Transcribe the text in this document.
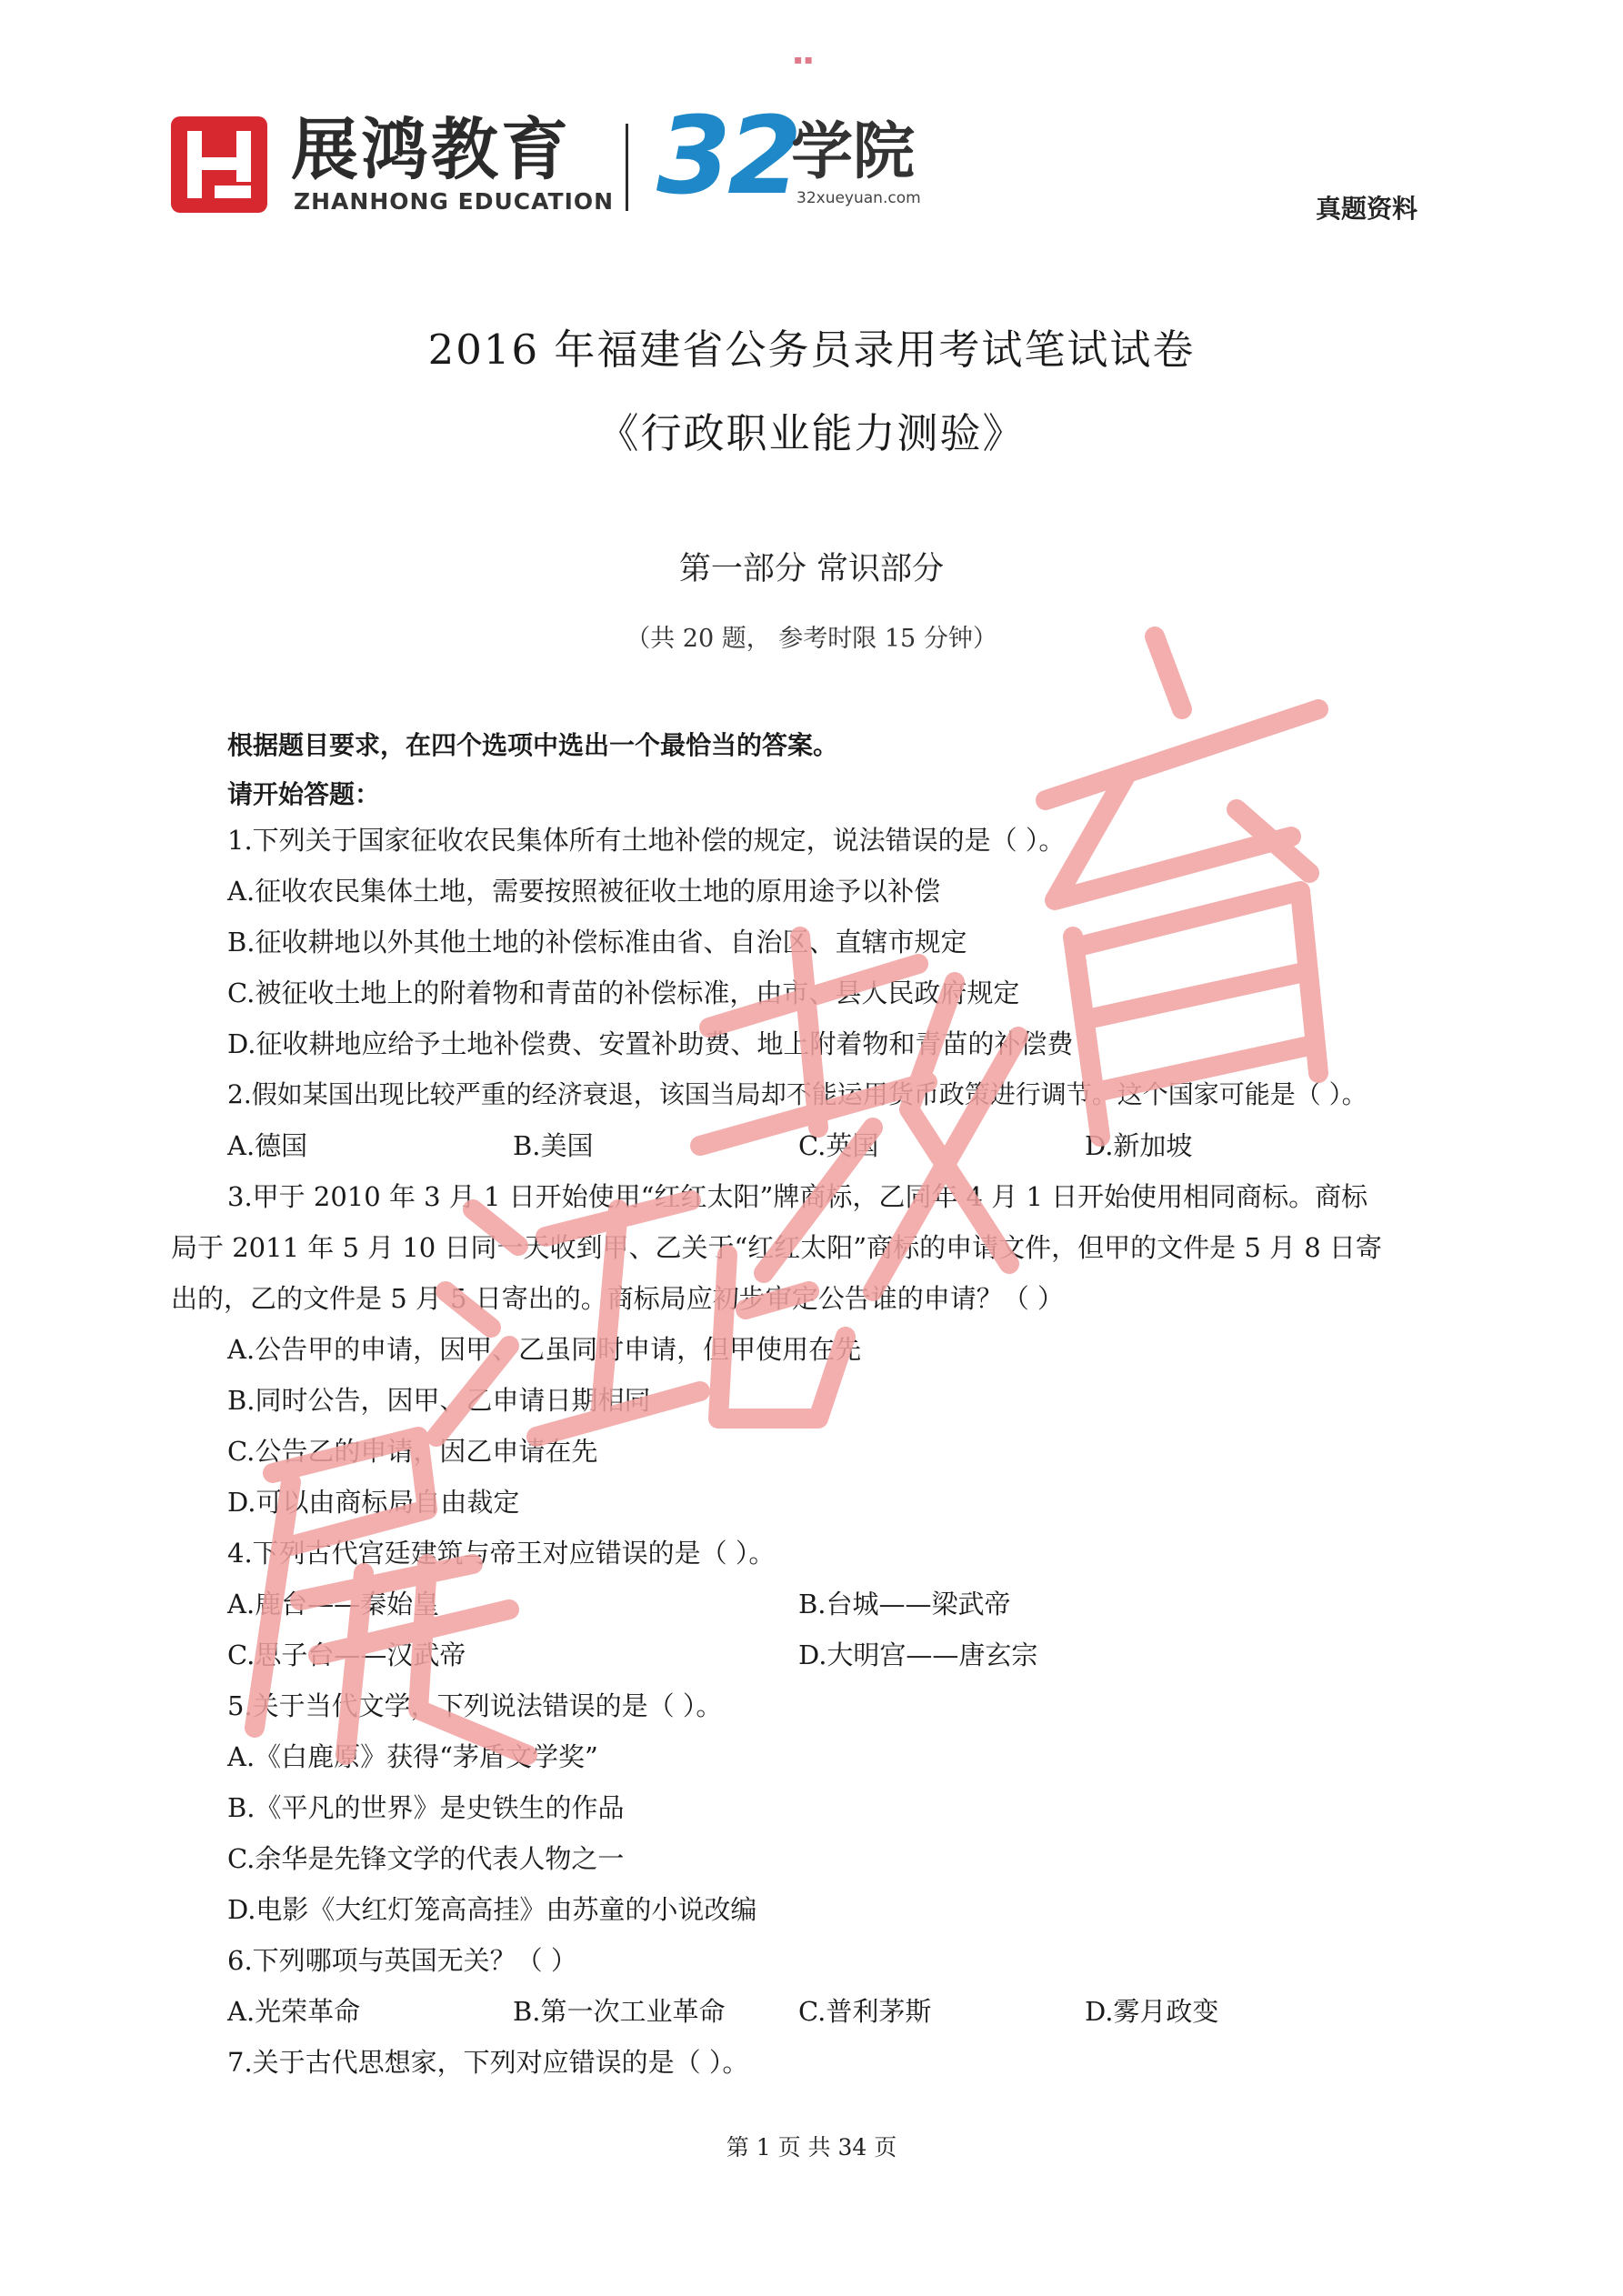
▪▪
展鸿教育
ZHANHONG EDUCATION 32
学院
32xueyuan.com	真题资料
2016 年福建省公务员录用考试笔试试卷
《行政职业能力测验》
第一部分 常识部分
（共 20 题， 参考时限 15 分钟）
根据题目要求，在四个选项中选出一个最恰当的答案。
请开始答题：
1.下列关于国家征收农民集体所有土地补偿的规定，说法错误的是（ ）。
A.征收农民集体土地，需要按照被征收土地的原用途予以补偿
B.征收耕地以外其他土地的补偿标准由省、自治区、直辖市规定
C.被征收土地上的附着物和青苗的补偿标准，由市、县人民政府规定
D.征收耕地应给予土地补偿费、安置补助费、地上附着物和青苗的补偿费
2.假如某国出现比较严重的经济衰退，该国当局却不能运用货币政策进行调节。这个国家可能是（ ）。
A.德国	B.美国	C.英国	D.新加坡
3.甲于 2010 年 3 月 1 日开始使用“红红太阳”牌商标，乙同年 4 月 1 日开始使用相同商标。商标
局于 2011 年 5 月 10 日同一天收到甲、乙关于“红红太阳”商标的申请文件，但甲的文件是 5 月 8 日寄
出的，乙的文件是 5 月 5 日寄出的。商标局应初步审定公告谁的申请？（ ）
A.公告甲的申请，因甲、乙虽同时申请，但甲使用在先
B.同时公告，因甲、乙申请日期相同
C.公告乙的申请，因乙申请在先
D.可以由商标局自由裁定
4.下列古代宫廷建筑与帝王对应错误的是（ ）。
A.鹿台——秦始皇	B.台城——梁武帝
C.思子台——汉武帝	D.大明宫——唐玄宗
5.关于当代文学，下列说法错误的是（ ）。
A.《白鹿原》获得“茅盾文学奖”
B.《平凡的世界》是史铁生的作品
C.余华是先锋文学的代表人物之一
D.电影《大红灯笼高高挂》由苏童的小说改编
6.下列哪项与英国无关？（ ）
A.光荣革命	B.第一次工业革命	C.普利茅斯	D.雾月政变
7.关于古代思想家，下列对应错误的是（ ）。
第 1 页 共 34 页
